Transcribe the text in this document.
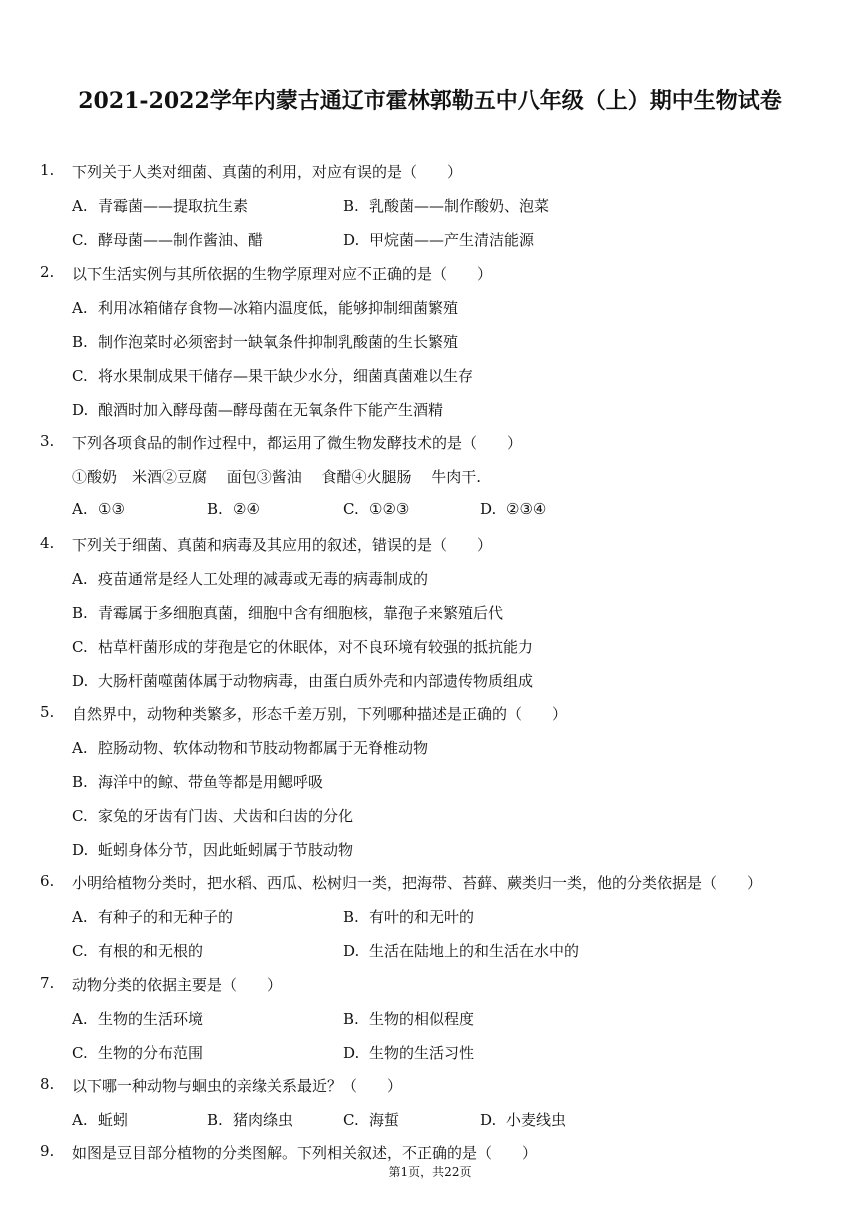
2021-2022学年内蒙古通辽市霍林郭勒五中八年级（上）期中生物试卷
1.	下列关于人类对细菌、真菌的利用，对应有误的是（　　）
A. 青霉菌——提取抗生素	B. 乳酸菌——制作酸奶、泡菜
C. 酵母菌——制作酱油、醋	D. 甲烷菌——产生清洁能源
2.	以下生活实例与其所依据的生物学原理对应不正确的是（　　）
A. 利用冰箱储存食物—冰箱内温度低，能够抑制细菌繁殖
B. 制作泡菜时必须密封一缺氧条件抑制乳酸菌的生长繁殖
C. 将水果制成果干储存—果干缺少水分，细菌真菌难以生存
D. 酿酒时加入酵母菌—酵母菌在无氧条件下能产生酒精
3.	下列各项食品的制作过程中，都运用了微生物发酵技术的是（　　）
①酸奶　米酒②豆腐　 面包③酱油　 食醋④火腿肠　 牛肉干.
A. ①③	B. ②④	C. ①②③	D. ②③④
4.	下列关于细菌、真菌和病毒及其应用的叙述，错误的是（　　）
A. 疫苗通常是经人工处理的减毒或无毒的病毒制成的
B. 青霉属于多细胞真菌，细胞中含有细胞核，靠孢子来繁殖后代
C. 枯草杆菌形成的芽孢是它的休眠体，对不良环境有较强的抵抗能力
D. 大肠杆菌噬菌体属于动物病毒，由蛋白质外壳和内部遗传物质组成
5.	自然界中，动物种类繁多，形态千差万别，下列哪种描述是正确的（　　）
A. 腔肠动物、软体动物和节肢动物都属于无脊椎动物
B. 海洋中的鲸、带鱼等都是用鳃呼吸
C. 家兔的牙齿有门齿、犬齿和臼齿的分化
D. 蚯蚓身体分节，因此蚯蚓属于节肢动物
6.	小明给植物分类时，把水稻、西瓜、松树归一类，把海带、苔藓、蕨类归一类，他的分类依据是（　　）
A. 有种子的和无种子的	B. 有叶的和无叶的
C. 有根的和无根的	D. 生活在陆地上的和生活在水中的
7.	动物分类的依据主要是（　　）
A. 生物的生活环境	B. 生物的相似程度
C. 生物的分布范围	D. 生物的生活习性
8.	以下哪一种动物与蛔虫的亲缘关系最近？（　　）
A. 蚯蚓	B. 猪肉绦虫	C. 海蜇	D. 小麦线虫
9.	如图是豆目部分植物的分类图解。下列相关叙述，不正确的是（　　）
第1页，共22页
